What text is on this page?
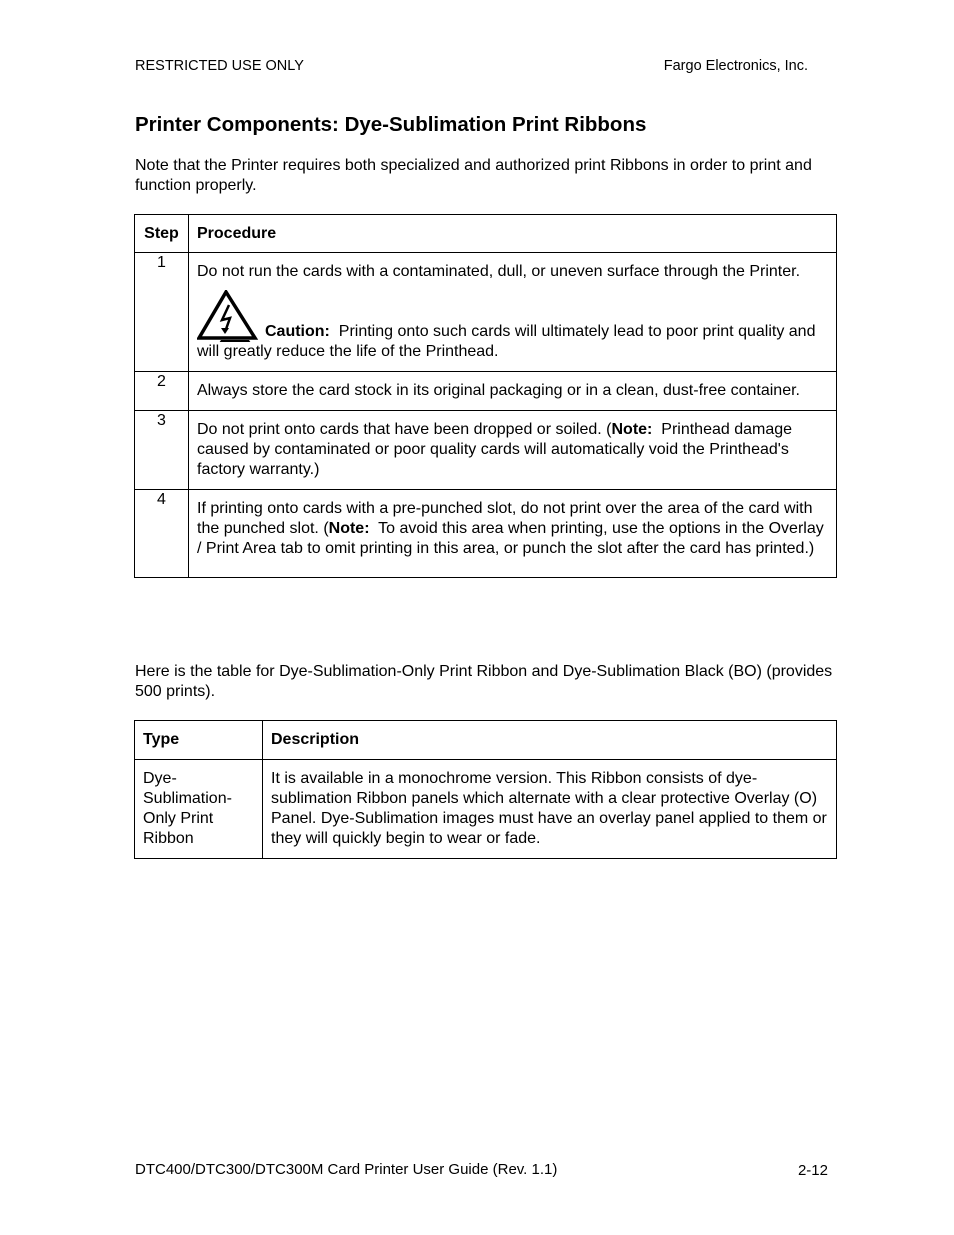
RESTRICTED USE ONLY	Fargo Electronics, Inc.
Printer Components: Dye-Sublimation Print Ribbons

Note that the Printer requires both specialized and authorized print Ribbons in order to print and function properly.

Step	Procedure
1	Do not run the cards with a contaminated, dull, or uneven surface through the Printer.
Caution: Printing onto such cards will ultimately lead to poor print quality and will greatly reduce the life of the Printhead.

2	Always store the card stock in its original packaging or in a clean, dust-free container.
3	Do not print onto cards that have been dropped or soiled. (Note: Printhead damage caused by contaminated or poor quality cards will automatically void the Printhead's factory warranty.)
4	If printing onto cards with a pre-punched slot, do not print over the area of the card with the punched slot. (Note: To avoid this area when printing, use the options in the Overlay / Print Area tab to omit printing in this area, or punch the slot after the card has printed.)

Here is the table for Dye-Sublimation-Only Print Ribbon and Dye-Sublimation Black (BO) (provides 500 prints).

Type	Description
Dye-Sublimation-Only Print Ribbon	It is available in a monochrome version. This Ribbon consists of dye-sublimation Ribbon panels which alternate with a clear protective Overlay (O) Panel. Dye-Sublimation images must have an overlay panel applied to them or they will quickly begin to wear or fade.
DTC400/DTC300/DTC300M Card Printer User Guide (Rev. 1.1)	2-12
